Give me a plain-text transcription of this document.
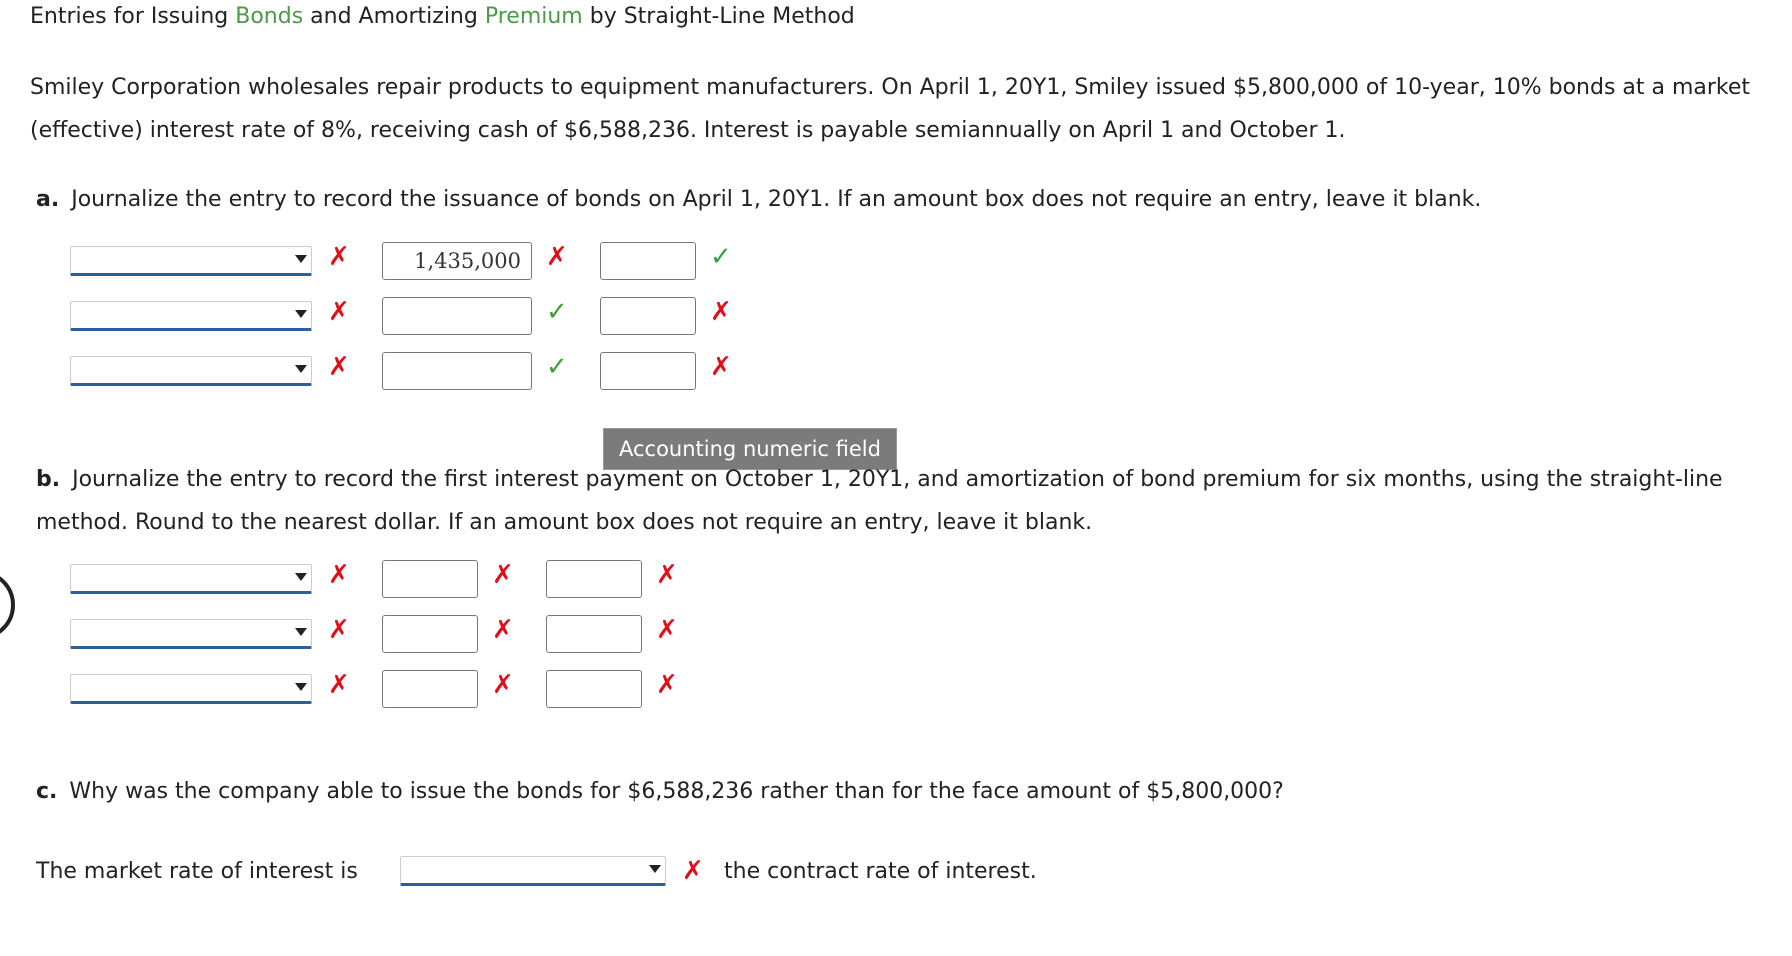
Entries for Issuing Bonds and Amortizing Premium by Straight-Line Method
Smiley Corporation wholesales repair products to equipment manufacturers. On April 1, 20Y1, Smiley issued $5,800,000 of 10-year, 10% bonds at a market (effective) interest rate of 8%, receiving cash of $6,588,236. Interest is payable semiannually on April 1 and October 1.
a. Journalize the entry to record the issuance of bonds on April 1, 20Y1. If an amount box does not require an entry, leave it blank.
✗	1,435,000 ✗	✓
✗	✓	✗
✗	✓	✗
Accounting numeric field
b. Journalize the entry to record the first interest payment on October 1, 20Y1, and amortization of bond premium for six months, using the straight-line method. Round to the nearest dollar. If an amount box does not require an entry, leave it blank.
✗	✗	✗
✗	✗	✗
✗	✗	✗
c. Why was the company able to issue the bonds for $6,588,236 rather than for the face amount of $5,800,000?
The market rate of interest is	✗ the contract rate of interest.
